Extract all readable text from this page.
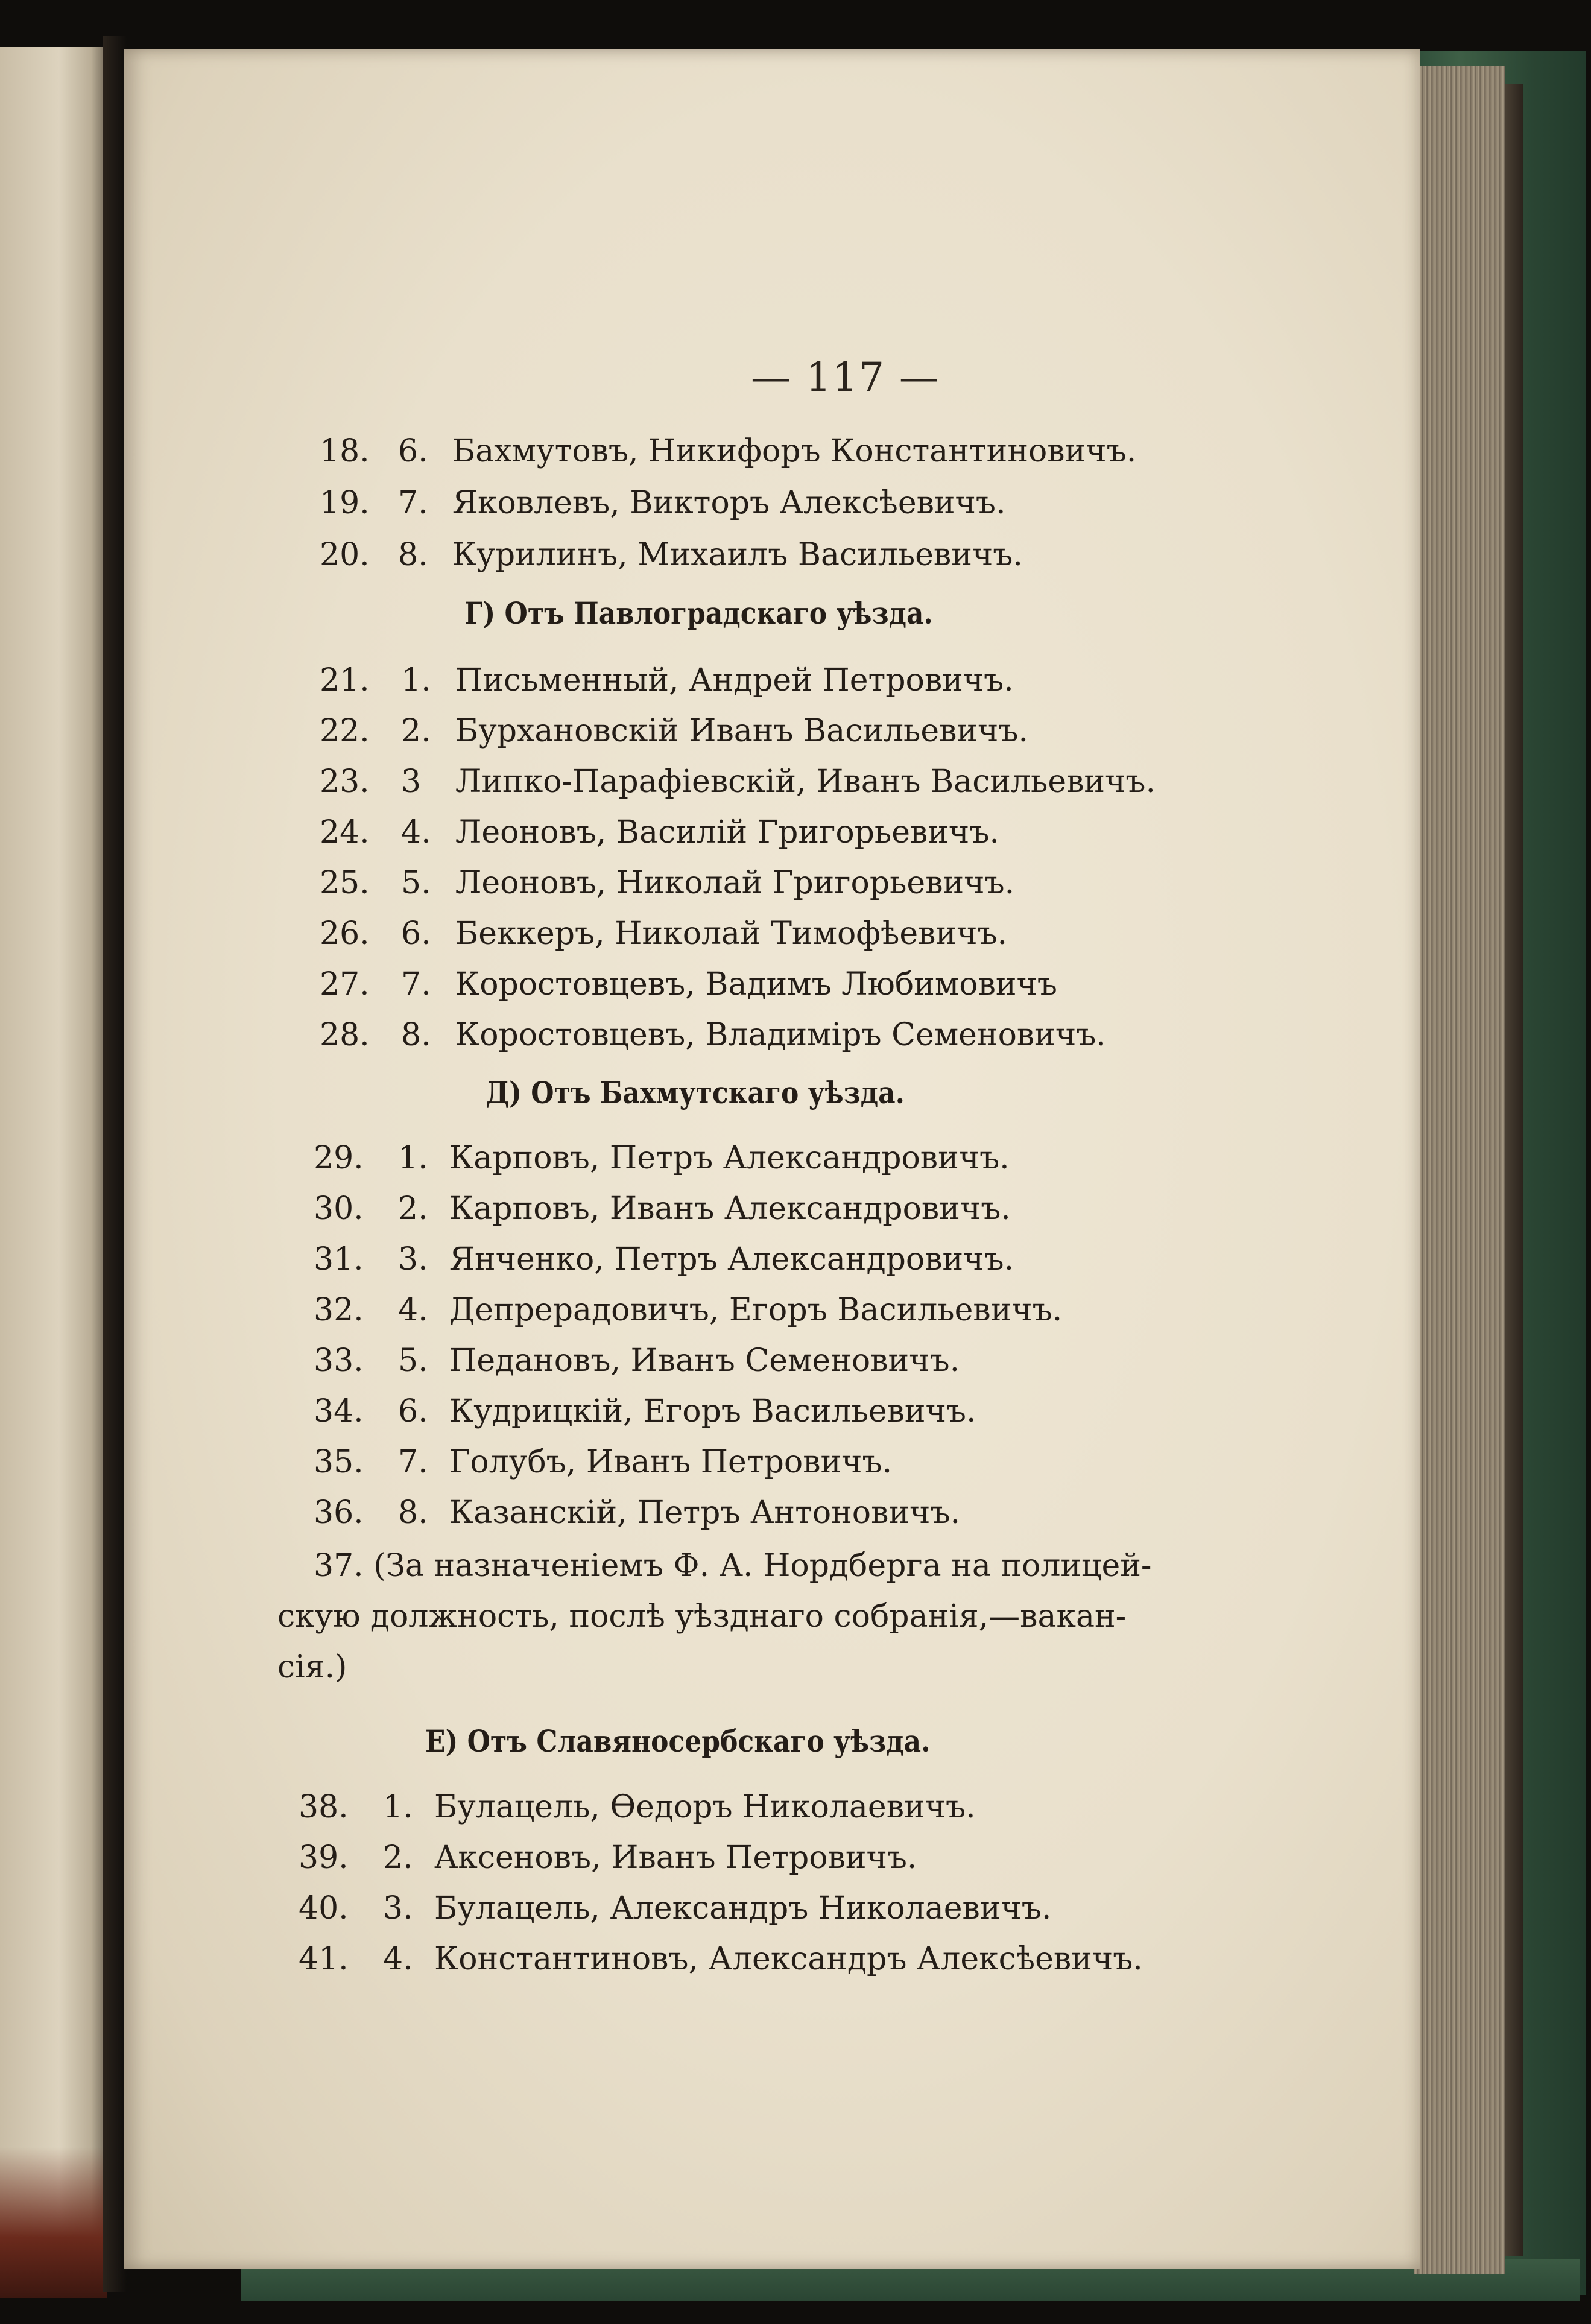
— 117 —
18. 6. Бахмутовъ, Никифоръ Константиновичъ.
19. 7. Яковлевъ, Викторъ Алексѣевичъ.
20. 8. Курилинъ, Михаилъ Васильевичъ.
Г) Отъ Павлоградскаго уѣзда.
21.	1. Письменный, Андрей Петровичъ.
22.	2. Бурхановскій Иванъ Васильевичъ.
23.	3	Липко-Парафіевскій, Иванъ Васильевичъ.
24.	4. Леоновъ, Василій Григорьевичъ.
25.	5. Леоновъ, Николай Григорьевичъ.
26.	6. Беккеръ, Николай Тимофѣевичъ.
27.	7. Коростовцевъ, Вадимъ Любимовичъ
28.	8. Коростовцевъ, Владиміръ Семеновичъ.
Д) Отъ Бахмутскаго уѣзда.
29.	1. Карповъ, Петръ Александровичъ.
30.	2. Карповъ, Иванъ Александровичъ.
31.	3. Янченко, Петръ Александровичъ.
32.	4. Депрерадовичъ, Егоръ Васильевичъ.
33.	5. Педановъ, Иванъ Семеновичъ.
34.	6. Кудрицкій, Егоръ Васильевичъ.
35.	7. Голубъ, Иванъ Петровичъ.
36.	8. Казанскій, Петръ Антоновичъ.
37. (За назначеніемъ Ф. А. Нордберга на полицей-
скую должность, послѣ уѣзднаго собранія,—вакан-
сія.)
Е) Отъ Славяносербскаго уѣзда.
38.	1. Булацель, Ѳедоръ Николаевичъ.
39.	2. Аксеновъ, Иванъ Петровичъ.
40.	3. Булацель, Александръ Николаевичъ.
41.	4. Константиновъ, Александръ Алексѣевичъ.
